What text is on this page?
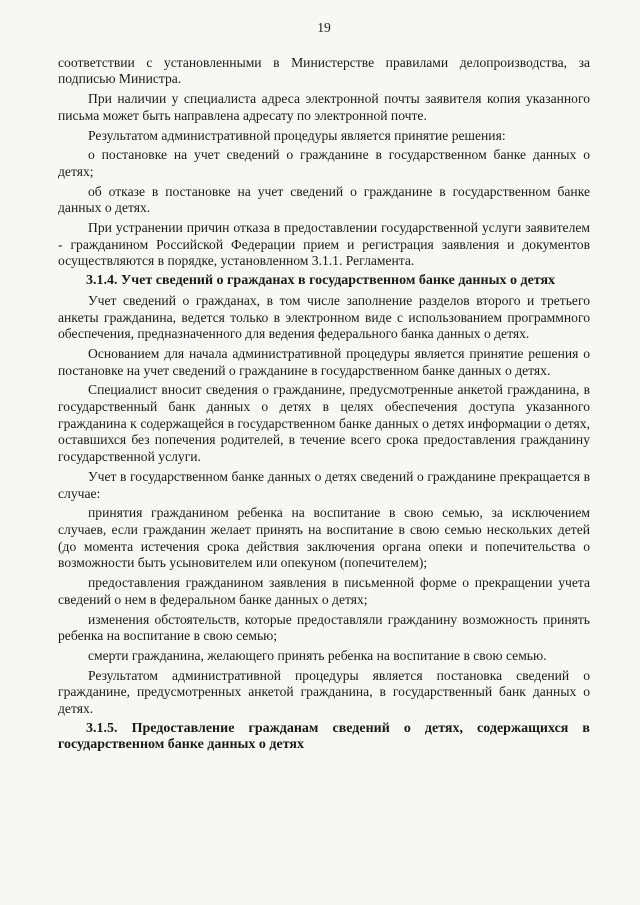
19

соответствии с установленными в Министерстве правилами делопроизводства, за подписью Министра.

При наличии у специалиста адреса электронной почты заявителя копия указанного письма может быть направлена адресату по электронной почте.

Результатом административной процедуры является принятие решения:

о постановке на учет сведений о гражданине в государственном банке данных о детях;

об отказе в постановке на учет сведений о гражданине в государственном банке данных о детях.

При устранении причин отказа в предоставлении государственной услуги заявителем - гражданином Российской Федерации прием и регистрация заявления и документов осуществляются в порядке, установленном 3.1.1. Регламента.

3.1.4. Учет сведений о гражданах в государственном банке данных о детях

Учет сведений о гражданах, в том числе заполнение разделов второго и третьего анкеты гражданина, ведется только в электронном виде с использованием программного обеспечения, предназначенного для ведения федерального банка данных о детях.

Основанием для начала административной процедуры является принятие решения о постановке на учет сведений о гражданине в государственном банке данных о детях.

Специалист вносит сведения о гражданине, предусмотренные анкетой гражданина, в государственный банк данных о детях в целях обеспечения доступа указанного гражданина к содержащейся в государственном банке данных о детях информации о детях, оставшихся без попечения родителей, в течение всего срока предоставления гражданину государственной услуги.

Учет в государственном банке данных о детях сведений о гражданине прекращается в случае:

принятия гражданином ребенка на воспитание в свою семью, за исключением случаев, если гражданин желает принять на воспитание в свою семью нескольких детей (до момента истечения срока действия заключения органа опеки и попечительства о возможности быть усыновителем или опекуном (попечителем);

предоставления гражданином заявления в письменной форме о прекращении учета сведений о нем в федеральном банке данных о детях;

изменения обстоятельств, которые предоставляли гражданину возможность принять ребенка на воспитание в свою семью;

смерти гражданина, желающего принять ребенка на воспитание в свою семью.

Результатом административной процедуры является постановка сведений о гражданине, предусмотренных анкетой гражданина, в государственный банк данных о детях.

3.1.5. Предоставление гражданам сведений о детях, содержащихся в государственном банке данных о детях
